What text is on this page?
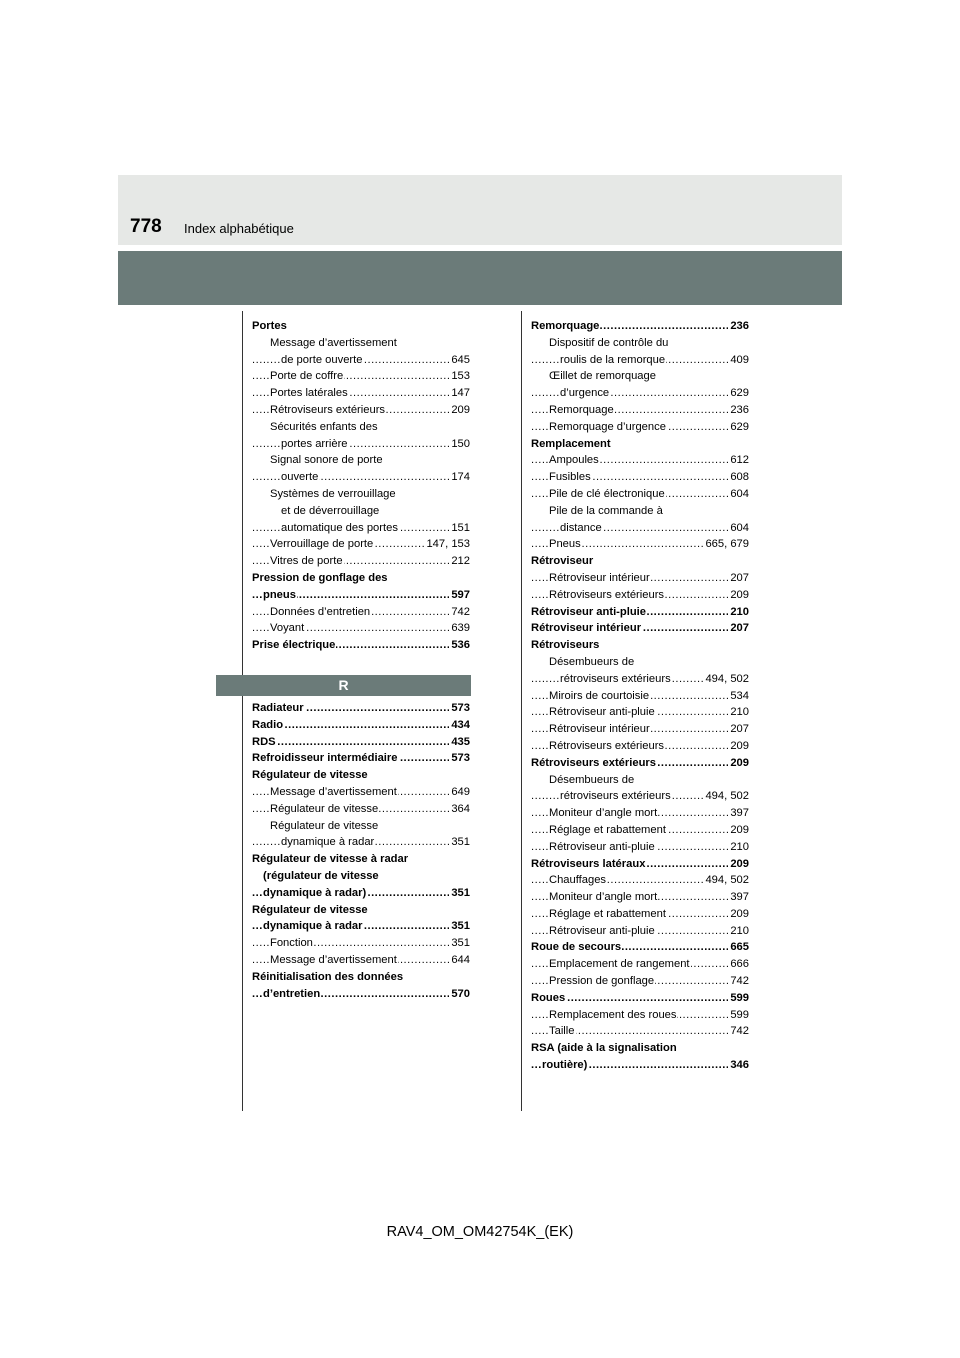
778 Index alphabétique
Portes
Message d’avertissement
de porte ouverte	645
.....
Porte de coffre	153
.....
Portes latérales	147
.....
Rétroviseurs extérieurs	209
.....
Sécurités enfants des
portes arrière	150
.....
Signal sonore de porte
ouverte	174
.....
Systèmes de verrouillage
et de déverrouillage
automatique des portes	151
.....
Verrouillage de porte	147, 153
.....
Vitres de porte	212
.....
Pression de gonflage des
pneus	597
.....
Données d’entretien	742
.....
Voyant	639
.....
Prise électrique	536
.....
R
Radiateur	573
.....
Radio	434
.....
RDS	435
.....
Refroidisseur intermédiaire	573
.....
Régulateur de vitesse
Message d’avertissement	649
.....
Régulateur de vitesse	364
.....
Régulateur de vitesse
dynamique à radar	351
.....
Régulateur de vitesse à radar
(régulateur de vitesse
dynamique à radar)	351
.....
Régulateur de vitesse
dynamique à radar	351
.....
Fonction	351
.....
Message d’avertissement	644
.....
Réinitialisation des données
d’entretien	570
.....
Remorquage	236
.....
Dispositif de contrôle du
roulis de la remorque	409
.....
Œillet de remorquage
d’urgence	629
.....
Remorquage	236
.....
Remorquage d’urgence	629
.....
Remplacement
Ampoules	612
.....
Fusibles	608
.....
Pile de clé électronique	604
.....
Pile de la commande à
distance	604
.....
Pneus	665, 679
.....
Rétroviseur
Rétroviseur intérieur	207
.....
Rétroviseurs extérieurs	209
.....
Rétroviseur anti-pluie	210
.....
Rétroviseur intérieur	207
.....
Rétroviseurs
Désembueurs de
rétroviseurs extérieurs	494, 502
.....
Miroirs de courtoisie	534
.....
Rétroviseur anti-pluie	210
.....
Rétroviseur intérieur	207
.....
Rétroviseurs extérieurs	209
.....
Rétroviseurs extérieurs	209
.....
Désembueurs de
rétroviseurs extérieurs	494, 502
.....
Moniteur d’angle mort	397
.....
Réglage et rabattement	209
.....
Rétroviseur anti-pluie	210
.....
Rétroviseurs latéraux	209
.....
Chauffages	494, 502
.....
Moniteur d’angle mort	397
.....
Réglage et rabattement	209
.....
Rétroviseur anti-pluie	210
.....
Roue de secours	665
.....
Emplacement de rangement	666
.....
Pression de gonflage	742
.....
Roues	599
.....
Remplacement des roues	599
.....
Taille	742
.....
RSA (aide à la signalisation
routière)	346
.....
RAV4_OM_OM42754K_(EK)
